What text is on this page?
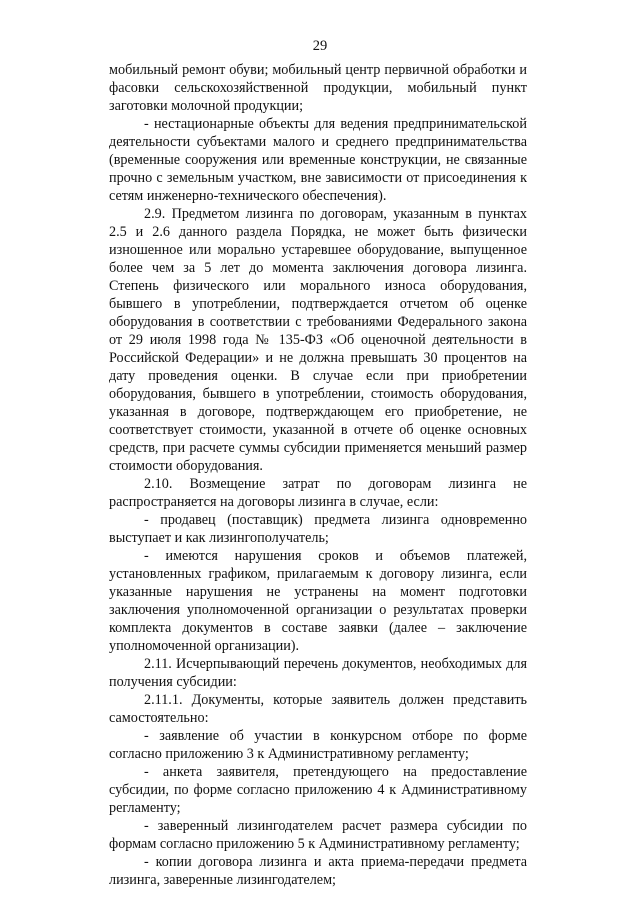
29

мобильный ремонт обуви; мобильный центр первичной обработки и фасовки сельскохозяйственной продукции, мобильный пункт заготовки молочной продукции;

- нестационарные объекты для ведения предпринимательской деятельности субъектами малого и среднего предпринимательства (временные сооружения или временные конструкции, не связанные прочно с земельным участком, вне зависимости от присоединения к сетям инженерно-технического обеспечения).

2.9. Предметом лизинга по договорам, указанным в пунктах 2.5 и 2.6 данного раздела Порядка, не может быть физически изношенное или морально устаревшее оборудование, выпущенное более чем за 5 лет до момента заключения договора лизинга. Степень физического или морального износа оборудования, бывшего в употреблении, подтверждается отчетом об оценке оборудования в соответствии с требованиями Федерального закона от 29 июля 1998 года № 135-ФЗ «Об оценочной деятельности в Российской Федерации» и не должна превышать 30 процентов на дату проведения оценки. В случае если при приобретении оборудования, бывшего в употреблении, стоимость оборудования, указанная в договоре, подтверждающем его приобретение, не соответствует стоимости, указанной в отчете об оценке основных средств, при расчете суммы субсидии применяется меньший размер стоимости оборудования.

2.10. Возмещение затрат по договорам лизинга не распространяется на договоры лизинга в случае, если:

- продавец (поставщик) предмета лизинга одновременно выступает и как лизингополучатель;

- имеются нарушения сроков и объемов платежей, установленных графиком, прилагаемым к договору лизинга, если указанные нарушения не устранены на момент подготовки заключения уполномоченной организации о результатах проверки комплекта документов в составе заявки (далее – заключение уполномоченной организации).

2.11. Исчерпывающий перечень документов, необходимых для получения субсидии:

2.11.1. Документы, которые заявитель должен представить самостоятельно:

- заявление об участии в конкурсном отборе по форме согласно приложению 3 к Административному регламенту;

- анкета заявителя, претендующего на предоставление субсидии, по форме согласно приложению 4 к Административному регламенту;

- заверенный лизингодателем расчет размера субсидии по формам согласно приложению 5 к Административному регламенту;

- копии договора лизинга и акта приема-передачи предмета лизинга, заверенные лизингодателем;
